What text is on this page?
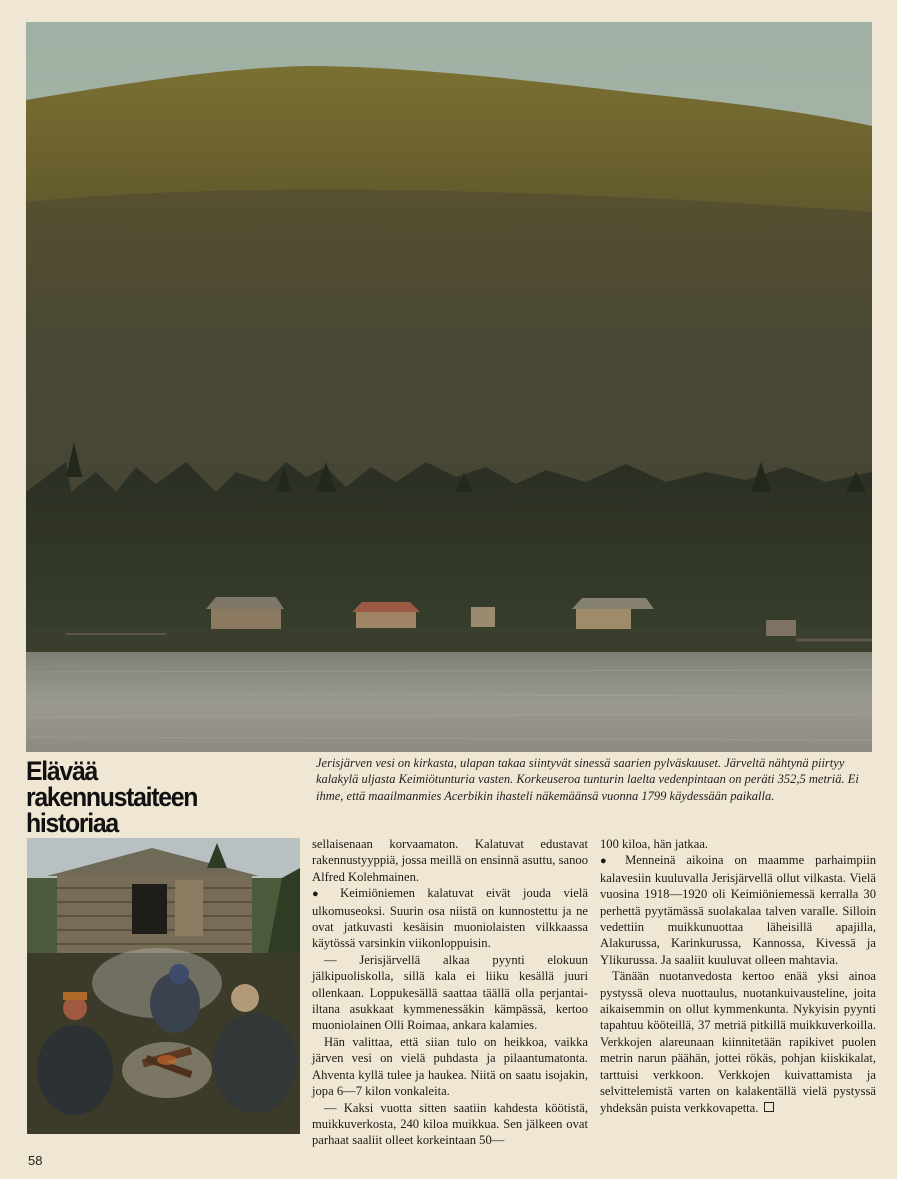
Elävää
rakennustaiteen
historiaa
Jerisjärven vesi on kirkasta, ulapan takaa siintyvät sinessä saarien pylväskuuset. Järveltä nähtynä piirtyy kalakylä uljasta Keimiötunturia vasten. Korkeuseroa tunturin laelta vedenpintaan on peräti 352,5 metriä. Ei ihme, että maailmanmies Acerbikin ihasteli näkemäänsä vuonna 1799 käydessään paikalla.

sellaisenaan korvaamaton. Kalatuvat edustavat rakennustyyppiä, jossa meillä on ensinnä asuttu, sanoo Alfred Kolehmainen.

● Keimiöniemen kalatuvat eivät jouda vielä ulkomuseoksi. Suurin osa niistä on kunnostettu ja ne ovat jatkuvasti kesäisin muoniolaisten vilkkaassa käytössä varsinkin viikonloppuisin.

— Jerisjärvellä alkaa pyynti elokuun jälkipuoliskolla, sillä kala ei liiku kesällä juuri ollenkaan. Loppukesällä saattaa täällä olla perjantai-iltana asukkaat kymmenessäkin kämpässä, kertoo muoniolainen Olli Roimaa, ankara kalamies.

Hän valittaa, että siian tulo on heikkoa, vaikka järven vesi on vielä puhdasta ja pilaantumatonta. Ahventa kyllä tulee ja haukea. Niitä on saatu isojakin, jopa 6—7 kilon vonkaleita.

— Kaksi vuotta sitten saatiin kahdesta köötistä, muikkuverkosta, 240 kiloa muikkua. Sen jälkeen ovat parhaat saaliit olleet korkeintaan 50—

100 kiloa, hän jatkaa.

● Menneinä aikoina on maamme parhaimpiin kalavesiin kuuluvalla Jerisjärvellä ollut vilkasta. Vielä vuosina 1918—1920 oli Keimiöniemessä kerralla 30 perhettä pyytämässä suolakalaa talven varalle. Silloin vedettiin muikkunuottaa läheisillä apajilla, Alakurussa, Karinkurussa, Kannossa, Kivessä ja Ylikurussa. Ja saaliit kuuluvat olleen mahtavia.

Tänään nuotanvedosta kertoo enää yksi ainoa pystyssä oleva nuottaulus, nuotankuivausteline, joita aikaisemmin on ollut kymmenkunta. Nykyisin pyynti tapahtuu kööteillä, 37 metriä pitkillä muikkuverkoilla. Verkkojen alareunaan kiinnitetään rapikivet puolen metrin narun päähän, jottei rökäs, pohjan kiiskikalat, tarttuisi verkkoon. Verkkojen kuivattamista ja selvittelemistä varten on kalakentällä vielä pystyssä yhdeksän puista verkkovapetta.

58
